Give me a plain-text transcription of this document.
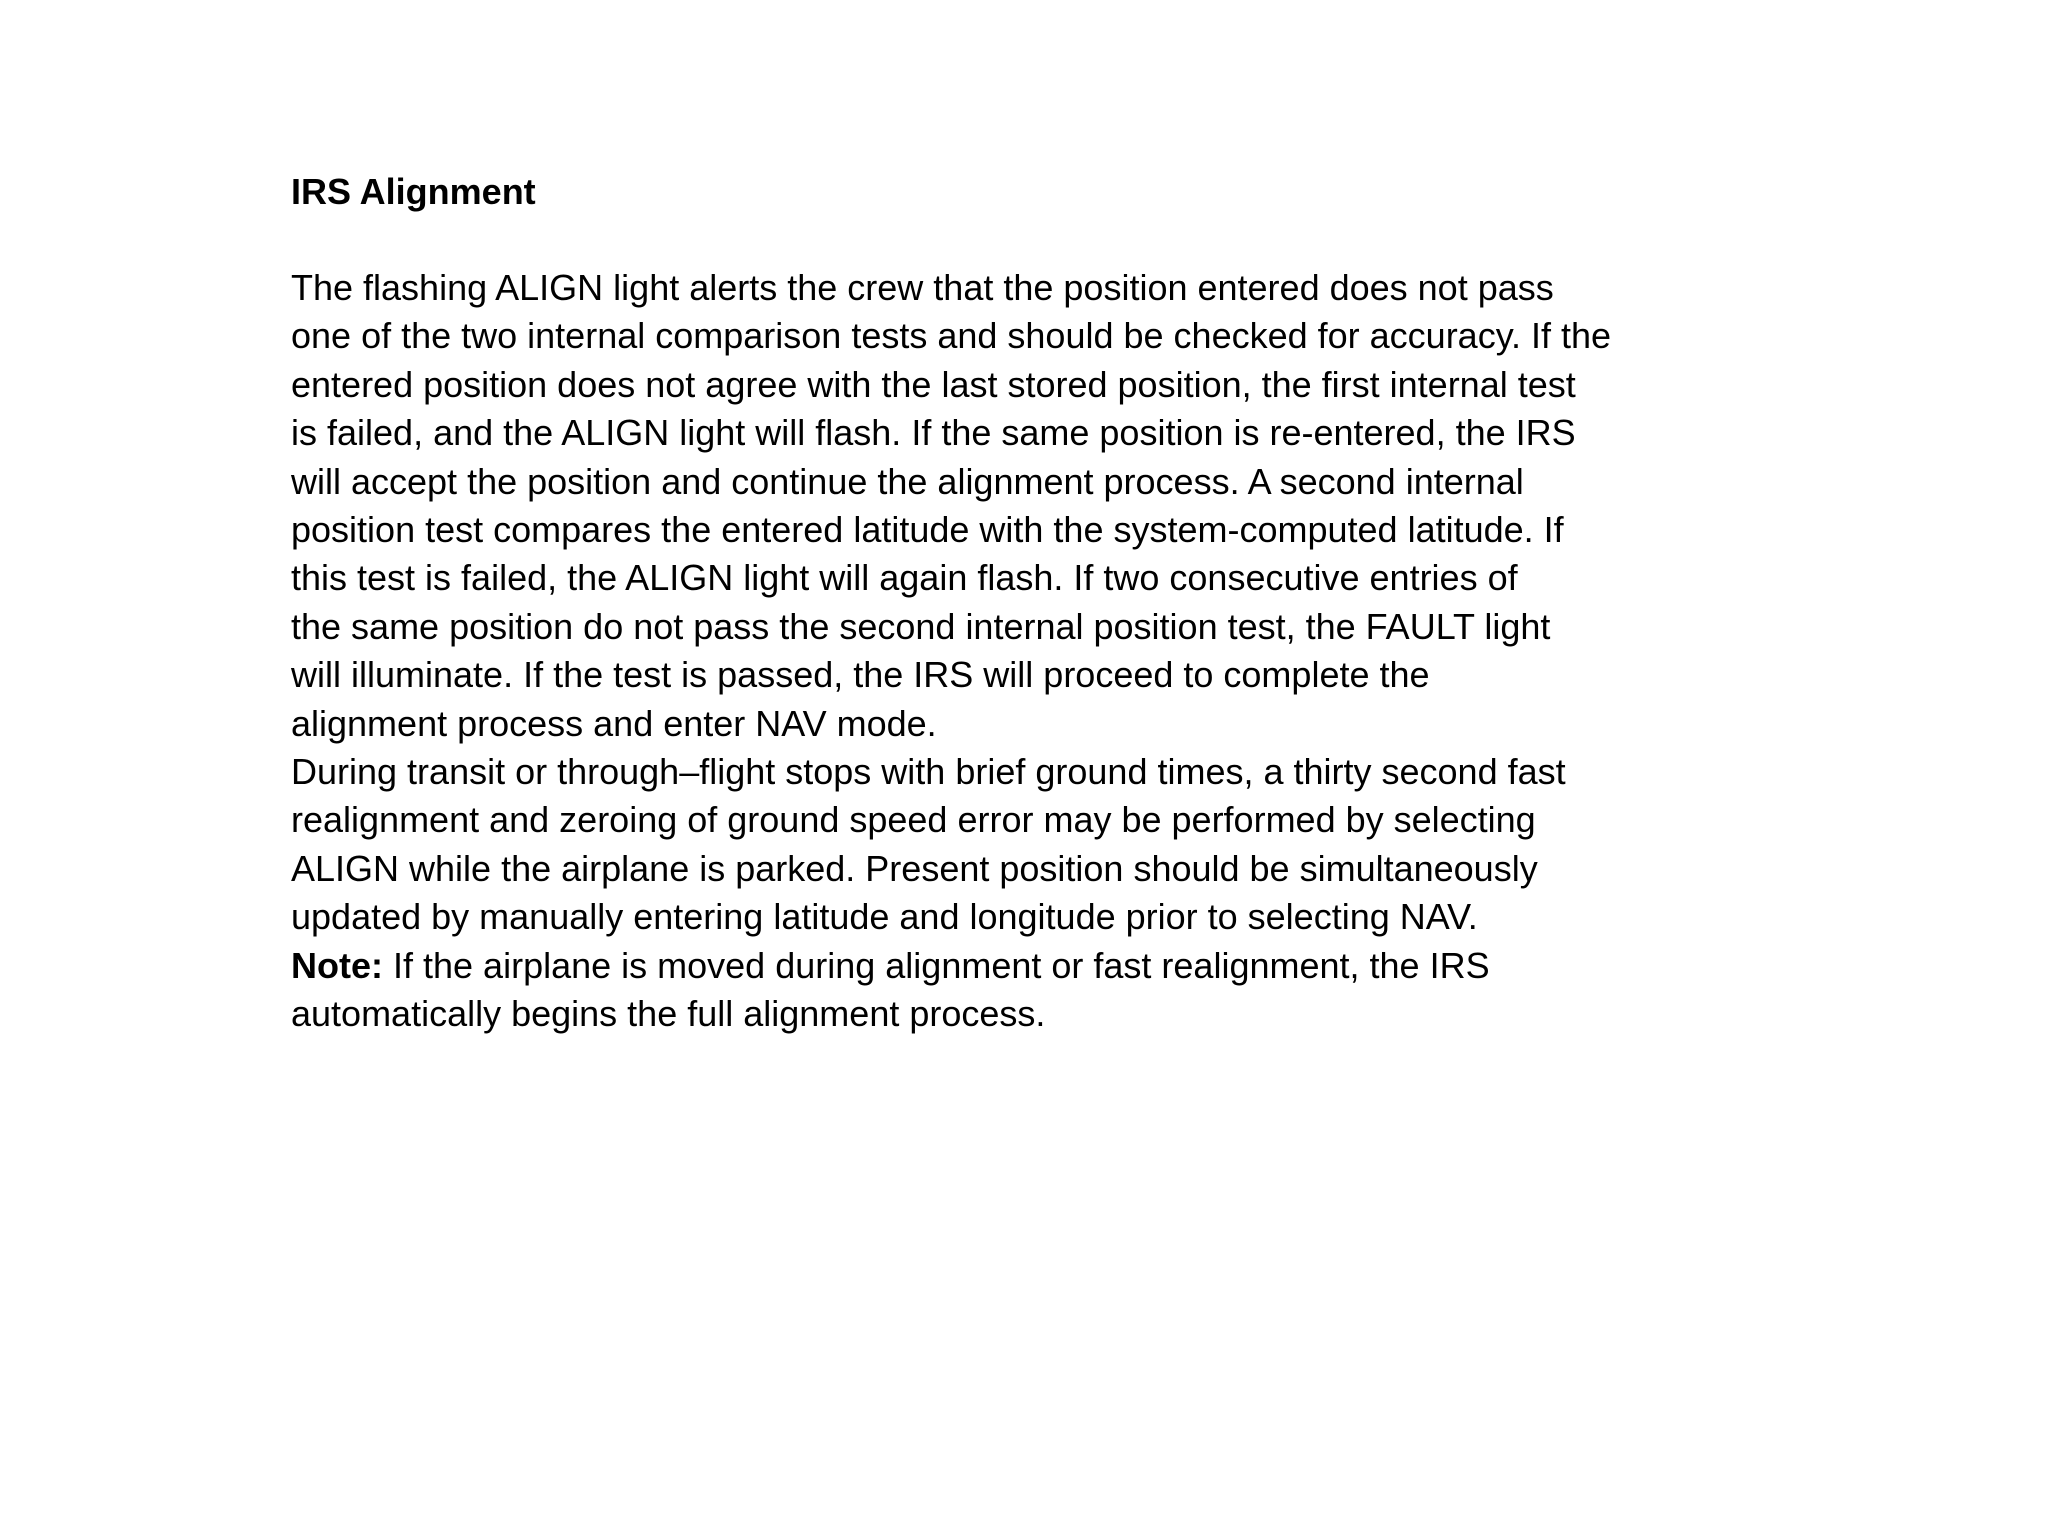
IRS Alignment
The flashing ALIGN light alerts the crew that the position entered does not pass
one of the two internal comparison tests and should be checked for accuracy. If the
entered position does not agree with the last stored position, the first internal test
is failed, and the ALIGN light will flash. If the same position is re-entered, the IRS
will accept the position and continue the alignment process. A second internal
position test compares the entered latitude with the system-computed latitude. If
this test is failed, the ALIGN light will again flash. If two consecutive entries of
the same position do not pass the second internal position test, the FAULT light
will illuminate. If the test is passed, the IRS will proceed to complete the
alignment process and enter NAV mode.
During transit or through–flight stops with brief ground times, a thirty second fast
realignment and zeroing of ground speed error may be performed by selecting
ALIGN while the airplane is parked. Present position should be simultaneously
updated by manually entering latitude and longitude prior to selecting NAV.
Note: If the airplane is moved during alignment or fast realignment, the IRS
automatically begins the full alignment process.
